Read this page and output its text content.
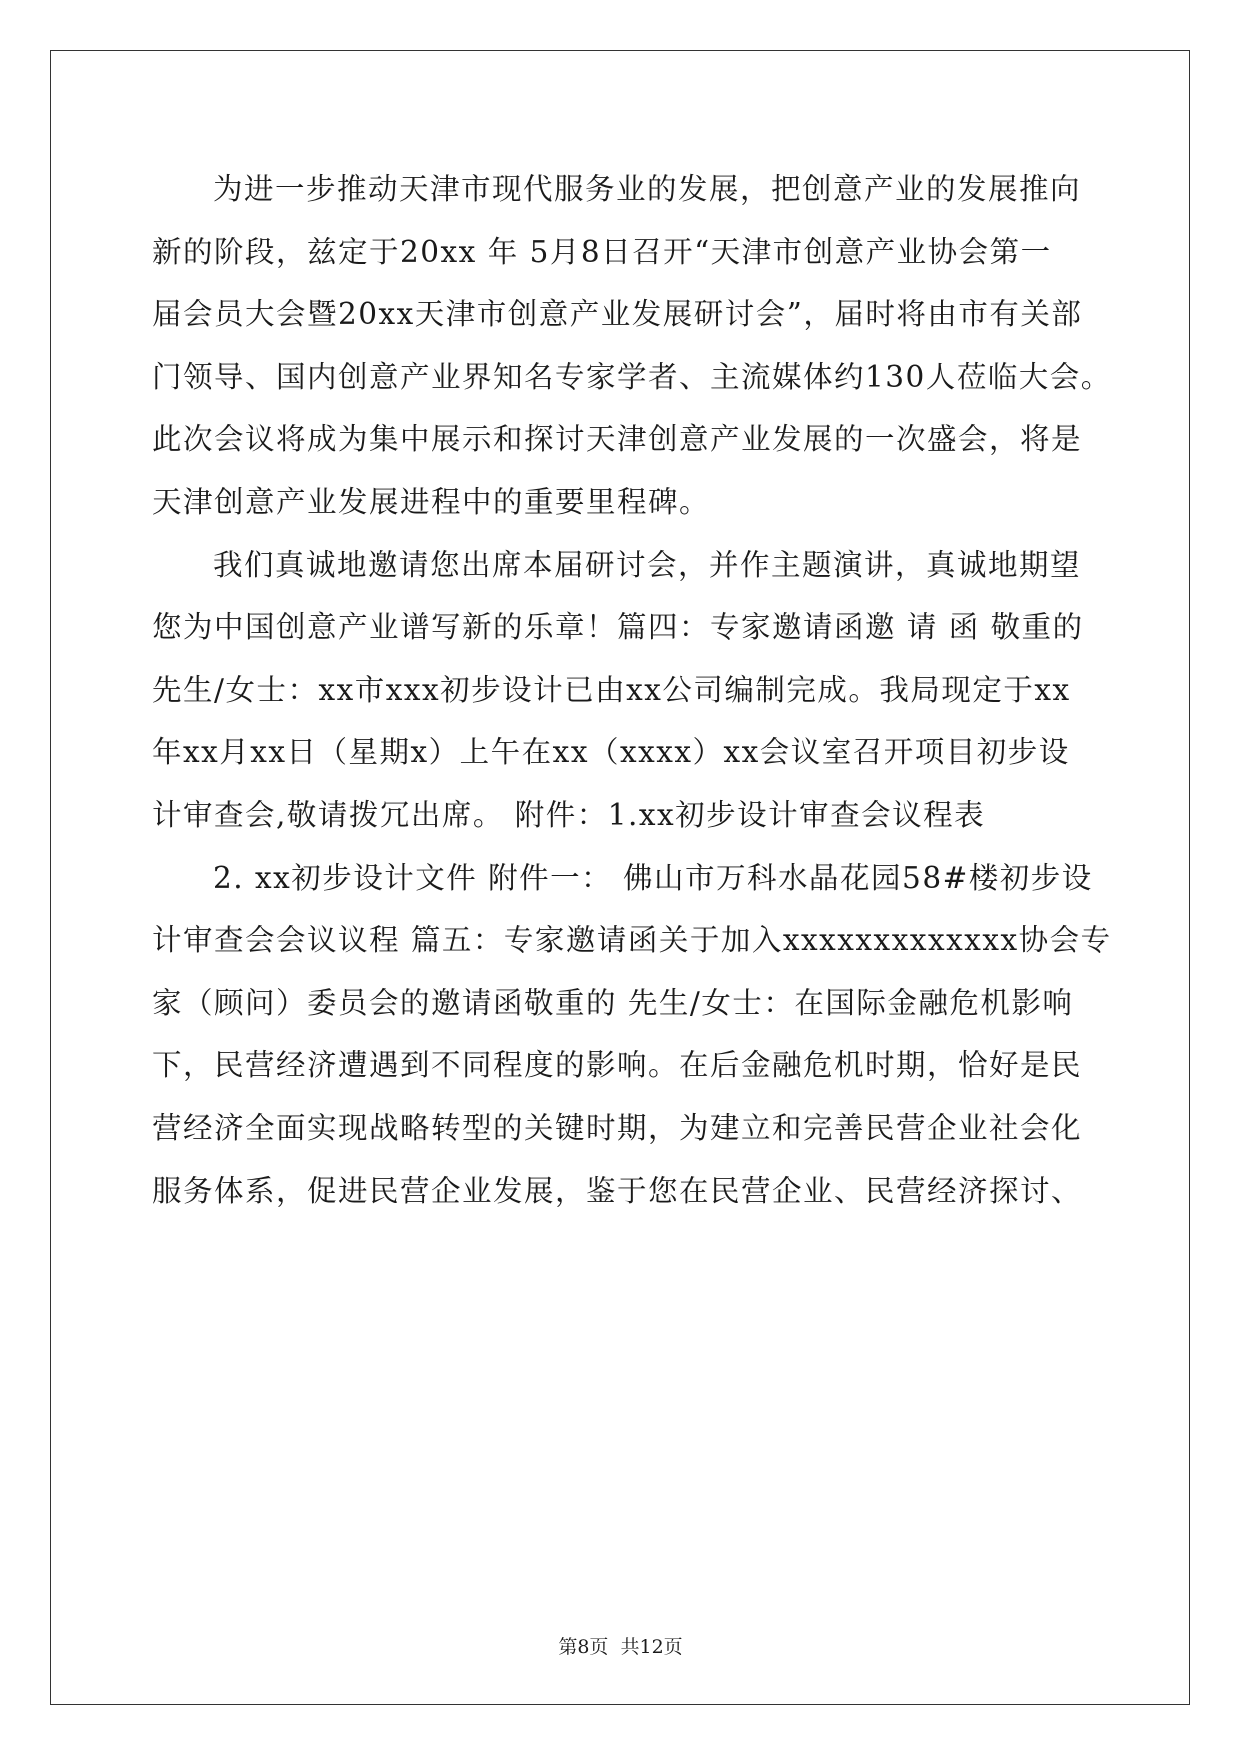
为进一步推动天津市现代服务业的发展，把创意产业的发展推向
新的阶段，兹定于20xx 年 5月8日召开“天津市创意产业协会第一
届会员大会暨20xx天津市创意产业发展研讨会”，届时将由市有关部
门领导、国内创意产业界知名专家学者、主流媒体约130人莅临大会。
此次会议将成为集中展示和探讨天津创意产业发展的一次盛会，将是
天津创意产业发展进程中的重要里程碑。
我们真诚地邀请您出席本届研讨会，并作主题演讲，真诚地期望
您为中国创意产业谱写新的乐章！篇四：专家邀请函邀 请 函 敬重的
先生/女士：xx市xxx初步设计已由xx公司编制完成。我局现定于xx
年xx月xx日（星期x）上午在xx（xxxx）xx会议室召开项目初步设
计审查会,敬请拨冗出席。 附件：1.xx初步设计审查会议程表
2. xx初步设计文件 附件一： 佛山市万科水晶花园58#楼初步设
计审查会会议议程 篇五：专家邀请函关于加入xxxxxxxxxxxxx协会专
家（顾问）委员会的邀请函敬重的 先生/女士：在国际金融危机影响
下，民营经济遭遇到不同程度的影响。在后金融危机时期，恰好是民
营经济全面实现战略转型的关键时期，为建立和完善民营企业社会化
服务体系，促进民营企业发展，鉴于您在民营企业、民营经济探讨、
第8页  共12页
